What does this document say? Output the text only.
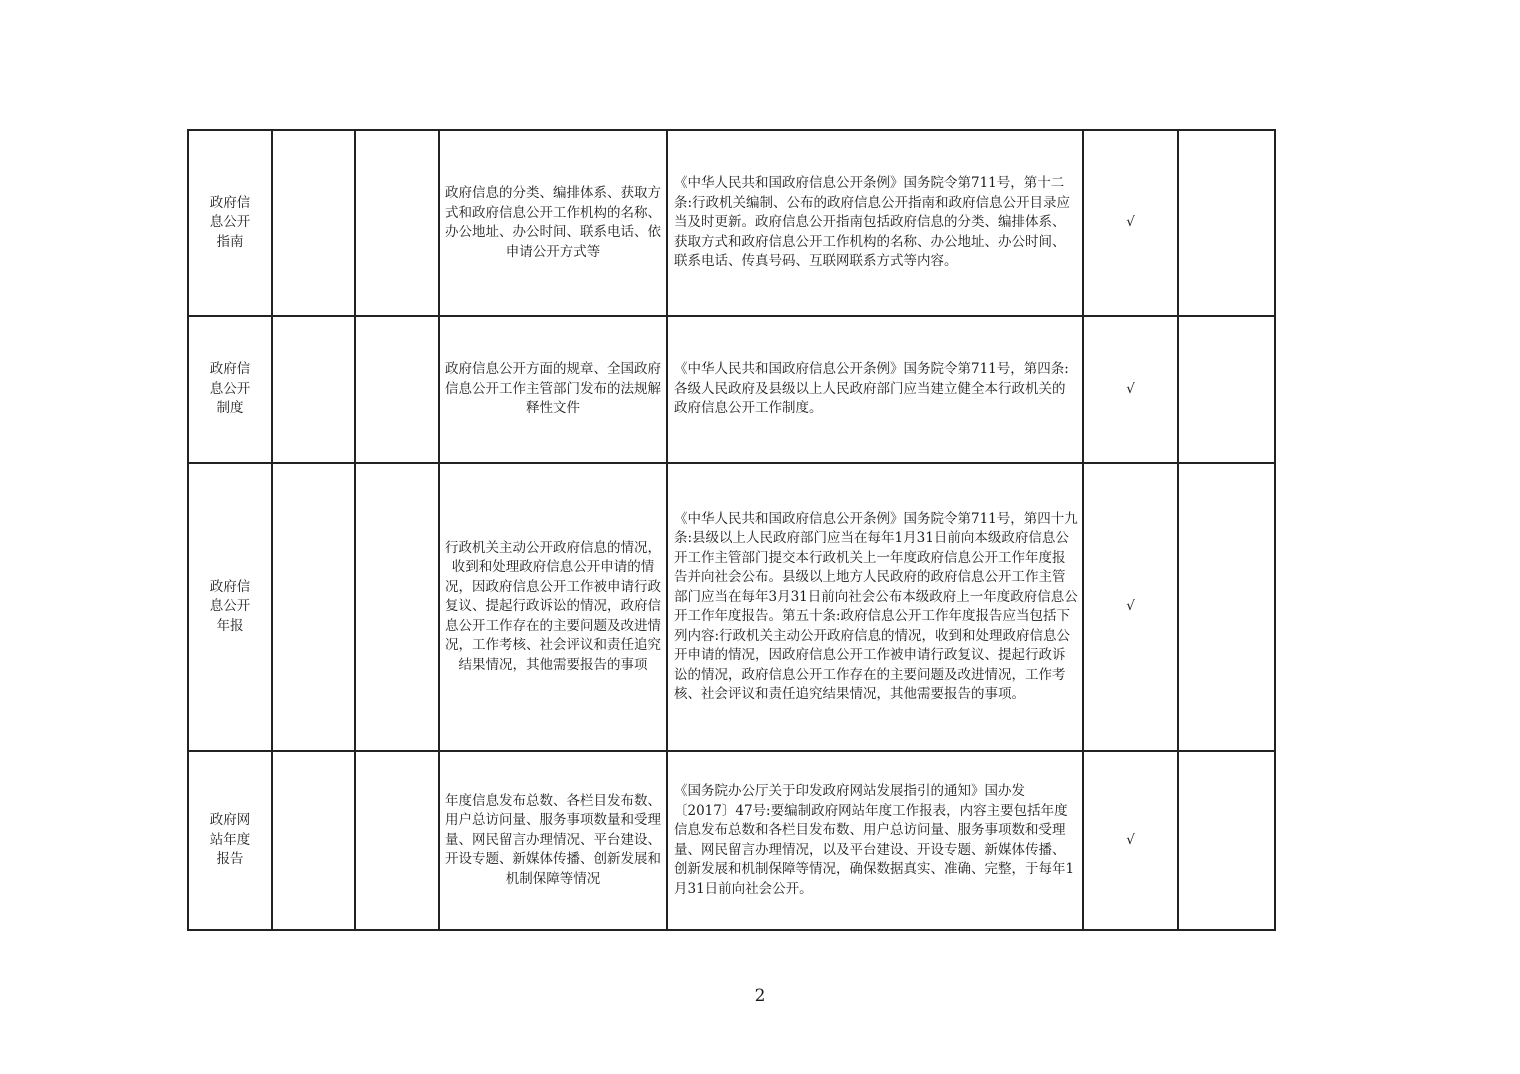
政府信息公开指南			政府信息的分类、编排体系、获取方式和政府信息公开工作机构的名称、办公地址、办公时间、联系电话、依申请公开方式等	《中华人民共和国政府信息公开条例》国务院令第711号，第十二条:行政机关编制、公布的政府信息公开指南和政府信息公开目录应当及时更新。政府信息公开指南包括政府信息的分类、编排体系、获取方式和政府信息公开工作机构的名称、办公地址、办公时间、联系电话、传真号码、互联网联系方式等内容。	√	
政府信息公开制度			政府信息公开方面的规章、全国政府信息公开工作主管部门发布的法规解释性文件	《中华人民共和国政府信息公开条例》国务院令第711号，第四条:各级人民政府及县级以上人民政府部门应当建立健全本行政机关的政府信息公开工作制度。	√	
政府信息公开年报			行政机关主动公开政府信息的情况，收到和处理政府信息公开申请的情况，因政府信息公开工作被申请行政复议、提起行政诉讼的情况，政府信息公开工作存在的主要问题及改进情况，工作考核、社会评议和责任追究结果情况，其他需要报告的事项	《中华人民共和国政府信息公开条例》国务院令第711号，第四十九条:县级以上人民政府部门应当在每年1月31日前向本级政府信息公开工作主管部门提交本行政机关上一年度政府信息公开工作年度报告并向社会公布。县级以上地方人民政府的政府信息公开工作主管部门应当在每年3月31日前向社会公布本级政府上一年度政府信息公开工作年度报告。第五十条:政府信息公开工作年度报告应当包括下列内容:行政机关主动公开政府信息的情况，收到和处理政府信息公开申请的情况，因政府信息公开工作被申请行政复议、提起行政诉讼的情况，政府信息公开工作存在的主要问题及改进情况，工作考核、社会评议和责任追究结果情况，其他需要报告的事项。	√	
政府网站年度报告			年度信息发布总数、各栏目发布数、用户总访问量、服务事项数量和受理量、网民留言办理情况、平台建设、开设专题、新媒体传播、创新发展和机制保障等情况	《国务院办公厅关于印发政府网站发展指引的通知》国办发〔2017〕47号:要编制政府网站年度工作报表，内容主要包括年度信息发布总数和各栏目发布数、用户总访问量、服务事项数和受理量、网民留言办理情况，以及平台建设、开设专题、新媒体传播、创新发展和机制保障等情况，确保数据真实、准确、完整，于每年1月31日前向社会公开。	√	
2
